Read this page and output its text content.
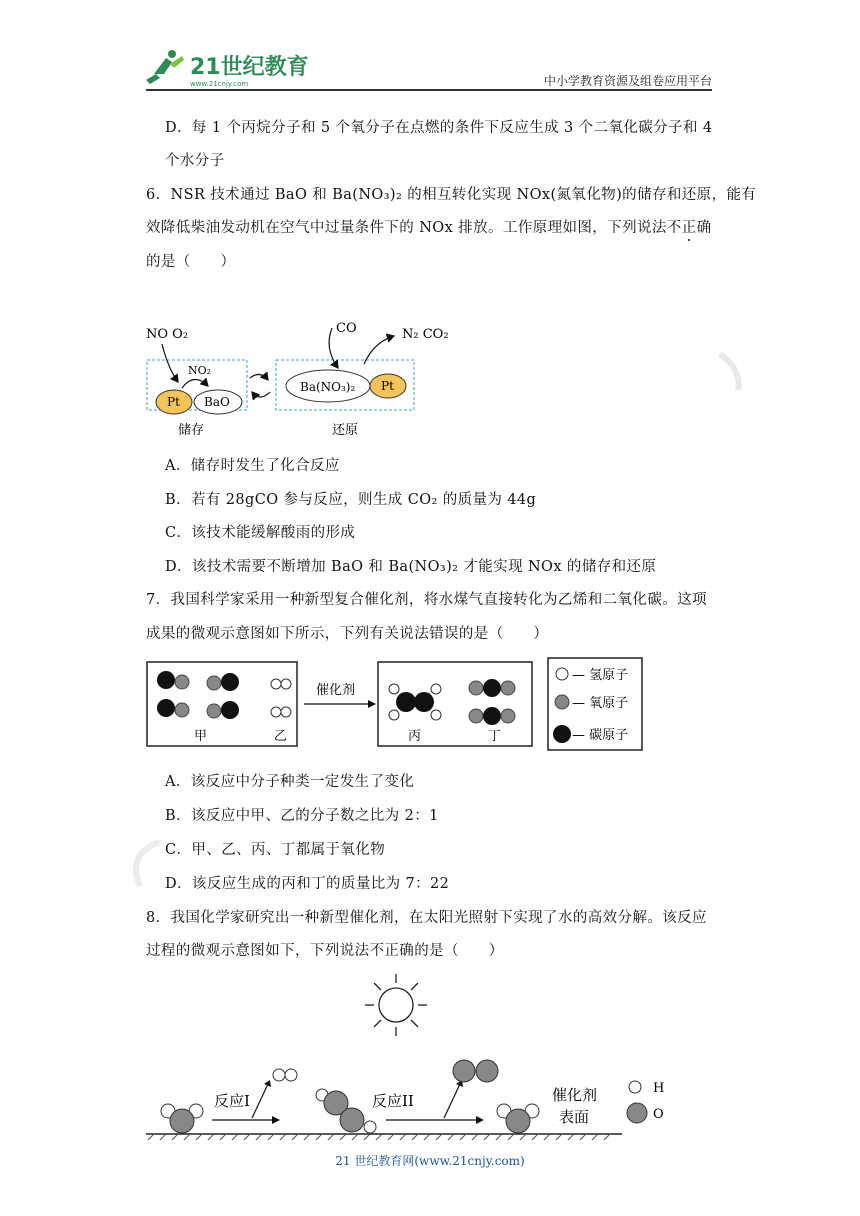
21世纪教育
www.21cnjy.com	中小学教育资源及组卷应用平台
D．每 1 个丙烷分子和 5 个氧分子在点燃的条件下反应生成 3 个二氧化碳分子和 4
个水分子
6．NSR 技术通过 BaO 和 Ba(NO₃)₂ 的相互转化实现 NOx(氮氧化物)的储存和还原，能有
效降低柴油发动机在空气中过量条件下的 NOx 排放。工作原理如图，下列说法不正确
的是（　　）
NO O₂
NO₂
Pt BaO
Ba(NO₃)₂ Pt
CO	N₂ CO₂
储存	还原
A．储存时发生了化合反应
B．若有 28gCO 参与反应，则生成 CO₂ 的质量为 44g
C．该技术能缓解酸雨的形成
D．该技术需要不断增加 BaO 和 Ba(NO₃)₂ 才能实现 NOx 的储存和还原
7．我国科学家采用一种新型复合催化剂，将水煤气直接转化为乙烯和二氧化碳。这项
成果的微观示意图如下所示，下列有关说法错误的是（　　）
甲	乙
催化剂
丙	丁
— 氢原子
— 氧原子
— 碳原子
A．该反应中分子种类一定发生了变化
B．该反应中甲、乙的分子数之比为 2：1
C．甲、乙、丙、丁都属于氧化物
D．该反应生成的丙和丁的质量比为 7：22
8．我国化学家研究出一种新型催化剂，在太阳光照射下实现了水的高效分解。该反应
过程的微观示意图如下，下列说法不正确的是（　　）
反应I	反应II	催化剂
表面
H
O
21 世纪教育网(www.21cnjy.com)
